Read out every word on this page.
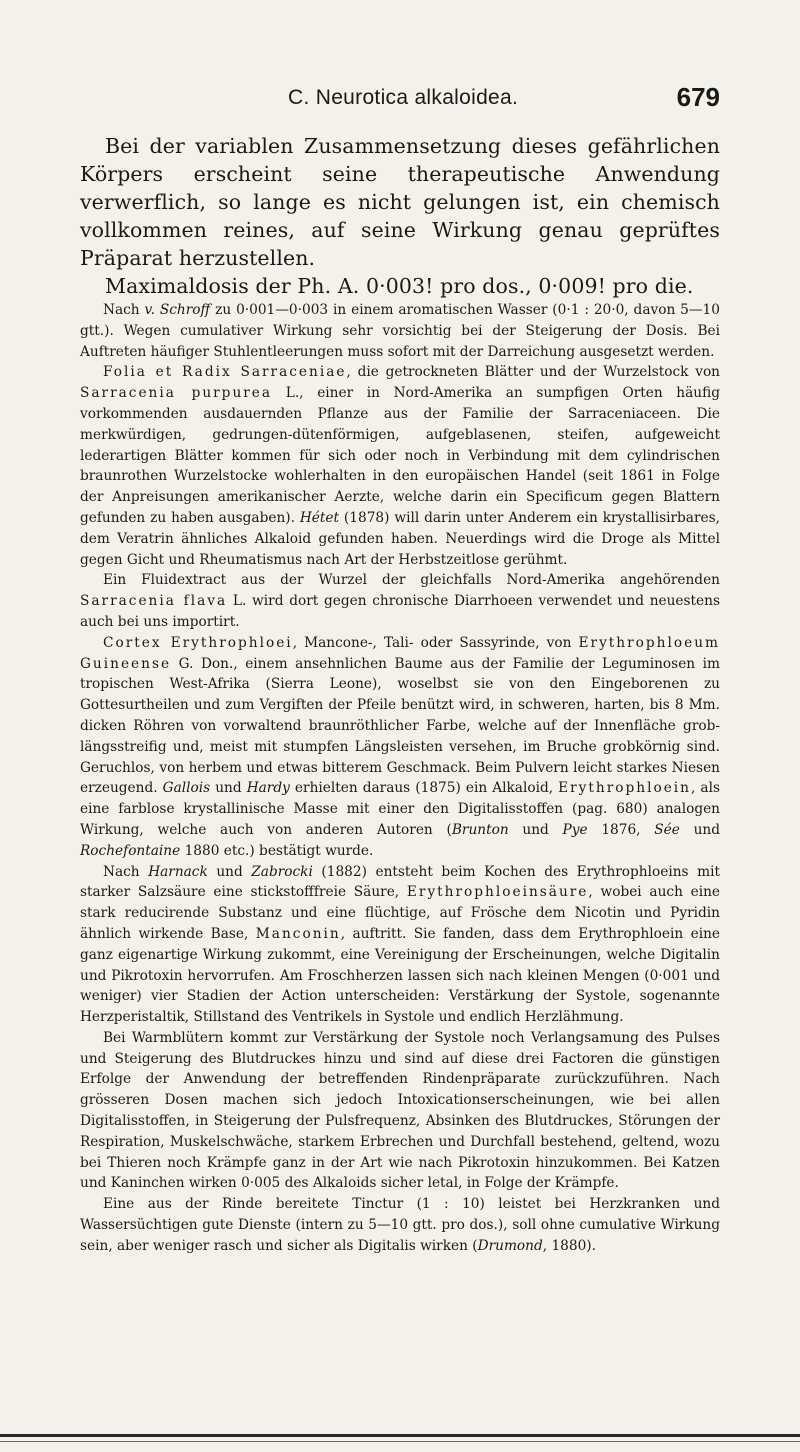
C. Neurotica alkaloidea.	679

Bei der variablen Zusammensetzung dieses gefährlichen Körpers erscheint seine therapeutische Anwendung verwerflich, so lange es nicht gelungen ist, ein chemisch vollkommen reines, auf seine Wirkung genau geprüftes Präparat herzustellen.

Maximaldosis der Ph. A. 0·003! pro dos., 0·009! pro die.

Nach v. Schroff zu 0·001—0·003 in einem aromatischen Wasser (0·1 : 20·0, davon 5—10 gtt.). Wegen cumulativer Wirkung sehr vorsichtig bei der Steigerung der Dosis. Bei Auftreten häufiger Stuhlentleerungen muss sofort mit der Darreichung ausgesetzt werden.

Folia et Radix Sarraceniae, die getrockneten Blätter und der Wurzelstock von Sarracenia purpurea L., einer in Nord-Amerika an sumpfigen Orten häufig vorkommenden ausdauernden Pflanze aus der Familie der Sarraceniaceen. Die merkwürdigen, gedrungen-dütenförmigen, aufgeblasenen, steifen, aufgeweicht lederartigen Blätter kommen für sich oder noch in Verbindung mit dem cylindrischen braunrothen Wurzelstocke wohlerhalten in den europäischen Handel (seit 1861 in Folge der Anpreisungen amerikanischer Aerzte, welche darin ein Specificum gegen Blattern gefunden zu haben ausgaben). Hétet (1878) will darin unter Anderem ein krystallisirbares, dem Veratrin ähnliches Alkaloid gefunden haben. Neuerdings wird die Droge als Mittel gegen Gicht und Rheumatismus nach Art der Herbstzeitlose gerühmt.

Ein Fluidextract aus der Wurzel der gleichfalls Nord-Amerika angehörenden Sarracenia flava L. wird dort gegen chronische Diarrhoeen verwendet und neuestens auch bei uns importirt.

Cortex Erythrophloei, Mancone-, Tali- oder Sassyrinde, von Erythrophloeum Guineense G. Don., einem ansehnlichen Baume aus der Familie der Leguminosen im tropischen West-Afrika (Sierra Leone), woselbst sie von den Eingeborenen zu Gottesurtheilen und zum Vergiften der Pfeile benützt wird, in schweren, harten, bis 8 Mm. dicken Röhren von vorwaltend braunröthlicher Farbe, welche auf der Innenfläche grob-längsstreifig und, meist mit stumpfen Längsleisten versehen, im Bruche grobkörnig sind. Geruchlos, von herbem und etwas bitterem Geschmack. Beim Pulvern leicht starkes Niesen erzeugend. Gallois und Hardy erhielten daraus (1875) ein Alkaloid, Erythrophloein, als eine farblose krystallinische Masse mit einer den Digitalisstoffen (pag. 680) analogen Wirkung, welche auch von anderen Autoren (Brunton und Pye 1876, Sée und Rochefontaine 1880 etc.) bestätigt wurde.

Nach Harnack und Zabrocki (1882) entsteht beim Kochen des Erythrophloeins mit starker Salzsäure eine stickstofffreie Säure, Erythrophloeinsäure, wobei auch eine stark reducirende Substanz und eine flüchtige, auf Frösche dem Nicotin und Pyridin ähnlich wirkende Base, Manconin, auftritt. Sie fanden, dass dem Erythrophloein eine ganz eigenartige Wirkung zukommt, eine Vereinigung der Erscheinungen, welche Digitalin und Pikrotoxin hervorrufen. Am Froschherzen lassen sich nach kleinen Mengen (0·001 und weniger) vier Stadien der Action unterscheiden: Verstärkung der Systole, sogenannte Herzperistaltik, Stillstand des Ventrikels in Systole und endlich Herzlähmung.

Bei Warmblütern kommt zur Verstärkung der Systole noch Verlangsamung des Pulses und Steigerung des Blutdruckes hinzu und sind auf diese drei Factoren die günstigen Erfolge der Anwendung der betreffenden Rindenpräparate zurückzuführen. Nach grösseren Dosen machen sich jedoch Intoxicationserscheinungen, wie bei allen Digitalisstoffen, in Steigerung der Pulsfrequenz, Absinken des Blutdruckes, Störungen der Respiration, Muskelschwäche, starkem Erbrechen und Durchfall bestehend, geltend, wozu bei Thieren noch Krämpfe ganz in der Art wie nach Pikrotoxin hinzukommen. Bei Katzen und Kaninchen wirken 0·005 des Alkaloids sicher letal, in Folge der Krämpfe.

Eine aus der Rinde bereitete Tinctur (1 : 10) leistet bei Herzkranken und Wassersüchtigen gute Dienste (intern zu 5—10 gtt. pro dos.), soll ohne cumulative Wirkung sein, aber weniger rasch und sicher als Digitalis wirken (Drumond, 1880).
